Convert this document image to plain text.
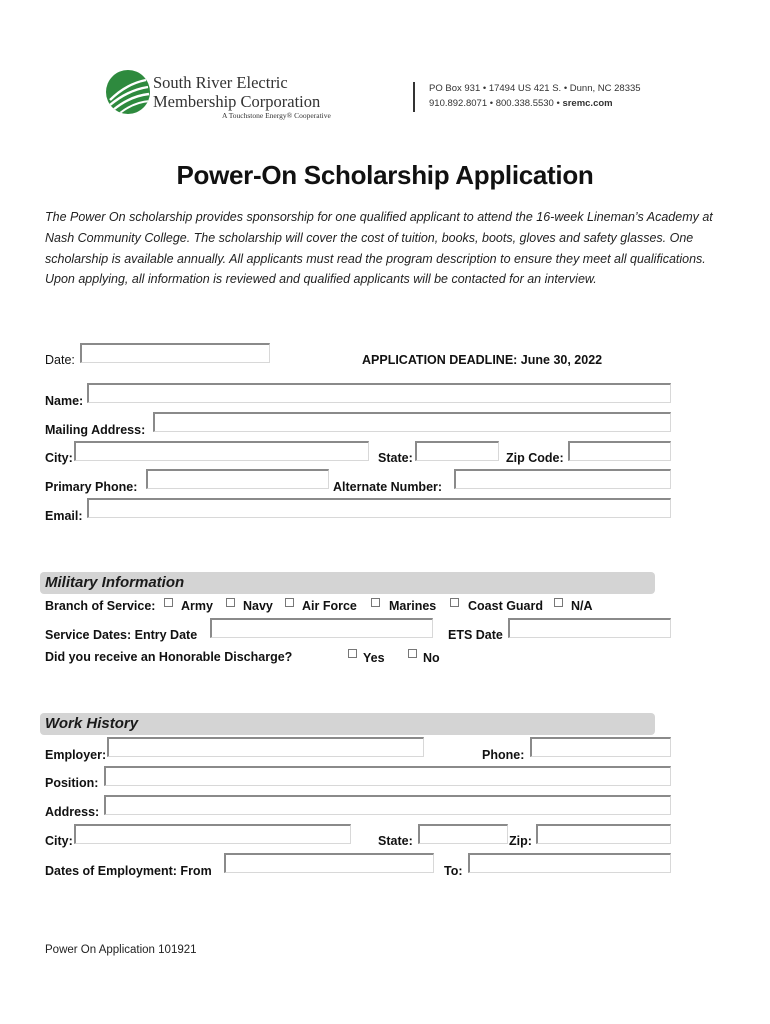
South River Electric
Membership Corporation
A Touchstone Energy® Cooperative
PO Box 931 • 17494 US 421 S. • Dunn, NC 28335
910.892.8071 • 800.338.5530 • sremc.com
Power-On Scholarship Application
The Power On scholarship provides sponsorship for one qualified applicant to attend the 16-week Lineman’s Academy at Nash Community College. The scholarship will cover the cost of tuition, books, boots, gloves and safety glasses. One scholarship is available annually. All applicants must read the program description to ensure they meet all qualifications. Upon applying, all information is reviewed and qualified applicants will be contacted for an interview.
Date:	APPLICATION DEADLINE: June 30, 2022
Name:
Mailing Address:
City:	State:	Zip Code:
Primary Phone:	Alternate Number:
Email:
Military Information
Branch of Service: Army Navy Air Force	Marines	Coast Guard N/A
Service Dates: Entry Date	ETS Date
Did you receive an Honorable Discharge?	Yes	No
Work History
Employer:	Phone:
Position:
Address:
City:	State:	Zip:
Dates of Employment: From	To:
Power On Application 101921
